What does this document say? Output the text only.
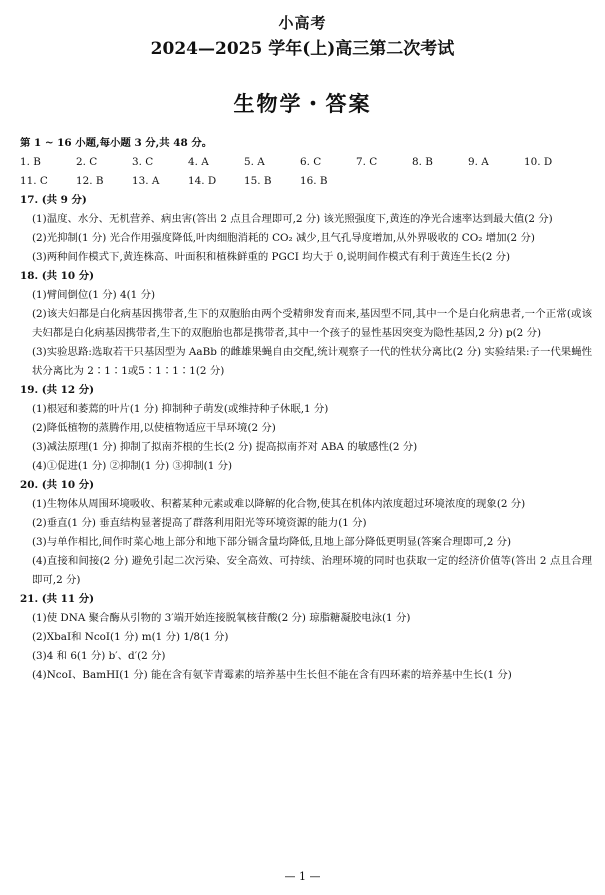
小高考
2024—2025 学年(上)高三第二次考试
生物学・答案
第 1 ~ 16 小题,每小题 3 分,共 48 分。
1. B	2. C	3. C	4. A	5. A	6. C	7. C	8. B	9. A	10. D
11. C	12. B	13. A	14. D	15. B	16. B
17. (共 9 分)
(1)温度、水分、无机营养、病虫害(答出 2 点且合理即可,2 分) 该光照强度下,黄连的净光合速率达到最大值(2 分)
(2)光抑制(1 分) 光合作用强度降低,叶肉细胞消耗的 CO₂ 减少,且气孔导度增加,从外界吸收的 CO₂ 增加(2 分)
(3)两种间作模式下,黄连株高、叶面积和植株鲜重的 PGCI 均大于 0,说明间作模式有利于黄连生长(2 分)
18. (共 10 分)
(1)臂间倒位(1 分) 4(1 分)
(2)该夫妇都是白化病基因携带者,生下的双胞胎由两个受精卵发育而来,基因型不同,其中一个是白化病患者,一个正常(或该夫妇都是白化病基因携带者,生下的双胞胎也都是携带者,其中一个孩子的显性基因突变为隐性基因,2 分) p(2 分)
(3)实验思路:选取若干只基因型为 AaBb 的雌雄果蝇自由交配,统计观察子一代的性状分离比(2 分) 实验结果:子一代果蝇性状分离比为 2∶1∶1或5∶1∶1∶1(2 分)
19. (共 12 分)
(1)根冠和萎蔫的叶片(1 分) 抑制种子萌发(或维持种子休眠,1 分)
(2)降低植物的蒸腾作用,以使植物适应干旱环境(2 分)
(3)减法原理(1 分) 抑制了拟南芥根的生长(2 分) 提高拟南芥对 ABA 的敏感性(2 分)
(4)①促进(1 分) ②抑制(1 分) ③抑制(1 分)
20. (共 10 分)
(1)生物体从周围环境吸收、积蓄某种元素或难以降解的化合物,使其在机体内浓度超过环境浓度的现象(2 分)
(2)垂直(1 分) 垂直结构显著提高了群落利用阳光等环境资源的能力(1 分)
(3)与单作相比,间作时菜心地上部分和地下部分镉含量均降低,且地上部分降低更明显(答案合理即可,2 分)
(4)直接和间接(2 分) 避免引起二次污染、安全高效、可持续、治理环境的同时也获取一定的经济价值等(答出 2 点且合理即可,2 分)
21. (共 11 分)
(1)使 DNA 聚合酶从引物的 3′端开始连接脱氧核苷酸(2 分) 琼脂糖凝胶电泳(1 分)
(2)XbaⅠ和 NcoⅠ(1 分) m(1 分) 1/8(1 分)
(3)4 和 6(1 分) b′、d′(2 分)
(4)NcoⅠ、BamHⅠ(1 分) 能在含有氨苄青霉素的培养基中生长但不能在含有四环素的培养基中生长(1 分)
— 1 —
